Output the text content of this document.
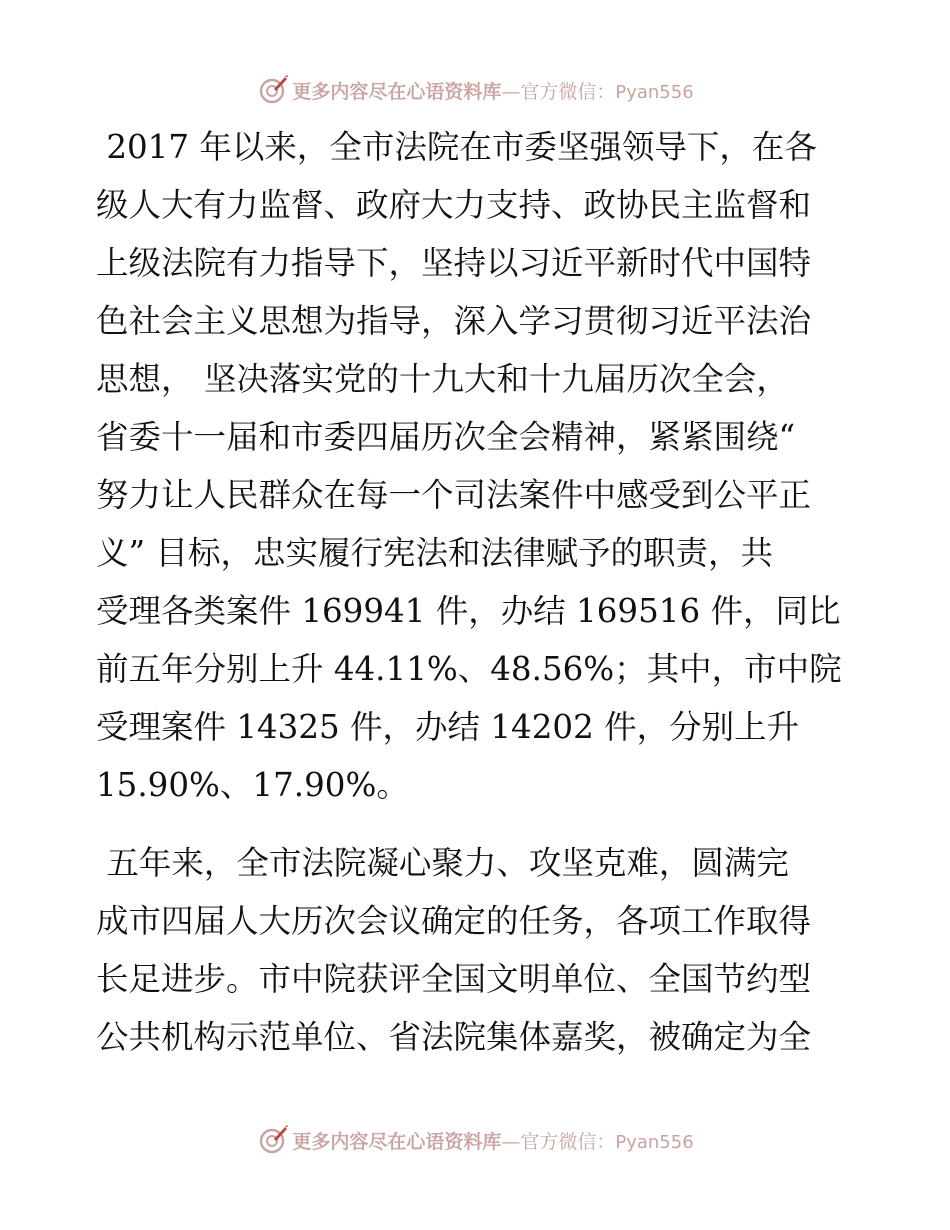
更多内容尽在心语资料库—官方微信：Pyan556
2017 年以来，全市法院在市委坚强领导下，在各
级人大有力监督、政府大力支持、政协民主监督和
上级法院有力指导下，坚持以习近平新时代中国特
色社会主义思想为指导，深入学习贯彻习近平法治
思想， 坚决落实党的十九大和十九届历次全会，
省委十一届和市委四届历次全会精神，紧紧围绕“
努力让人民群众在每一个司法案件中感受到公平正
义” 目标，忠实履行宪法和法律赋予的职责，共
受理各类案件 169941 件，办结 169516 件，同比
前五年分别上升 44.11%、48.56%；其中，市中院
受理案件 14325 件，办结 14202 件，分别上升
15.90%、17.90%。
五年来，全市法院凝心聚力、攻坚克难，圆满完
成市四届人大历次会议确定的任务，各项工作取得
长足进步。市中院获评全国文明单位、全国节约型
公共机构示范单位、省法院集体嘉奖，被确定为全
更多内容尽在心语资料库—官方微信：Pyan556
